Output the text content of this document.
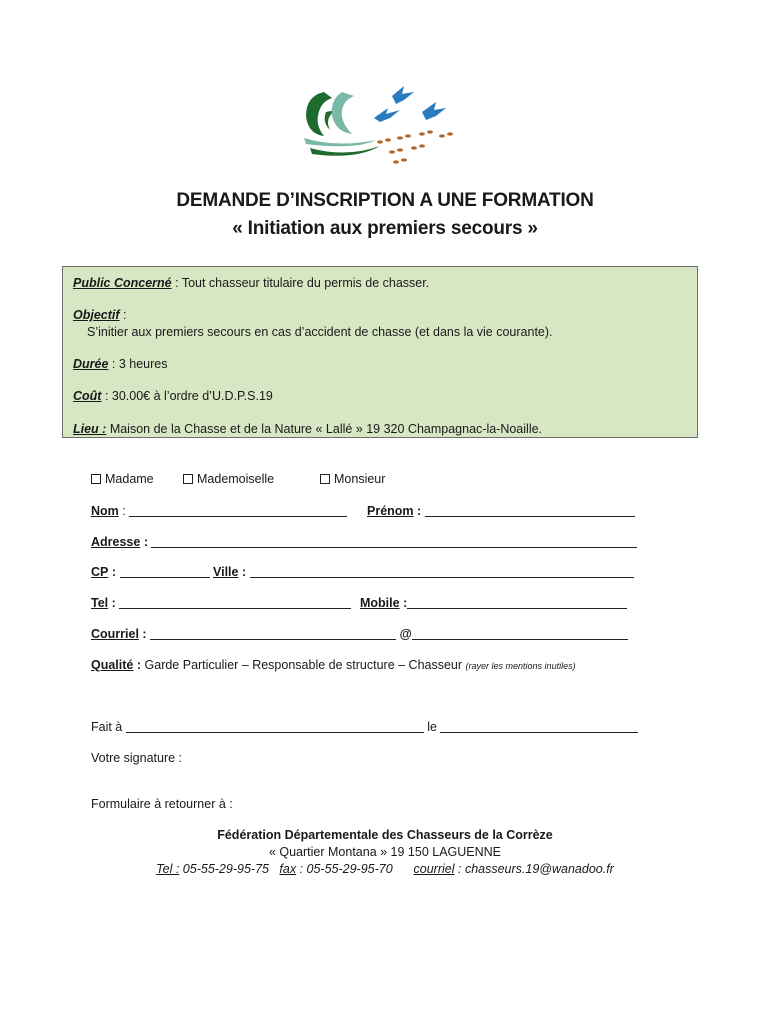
DEMANDE D’INSCRIPTION A UNE FORMATION
« Initiation aux premiers secours »
Public Concerné : Tout chasseur titulaire du permis de chasser.
Objectif :
S’initier aux premiers secours en cas d’accident de chasse (et dans la vie courante).
Durée : 3 heures
Coût : 30.00€ à l’ordre d’U.D.P.S.19
Lieu : Maison de la Chasse et de la Nature « Lallé » 19 320 Champagnac-la-Noaille.
Madame	Mademoiselle	Monsieur
Nom :	Prénom :
Adresse :
CP :	Ville :
Tel :	Mobile :
Courriel :	@
Qualité : Garde Particulier – Responsable de structure – Chasseur (rayer les mentions inutiles)
Fait à	le
Votre signature :
Formulaire à retourner à :
Fédération Départementale des Chasseurs de la Corrèze
« Quartier Montana » 19 150 LAGUENNE
Tel : 05-55-29-95-75 fax : 05-55-29-95-70 courriel : chasseurs.19@wanadoo.fr
